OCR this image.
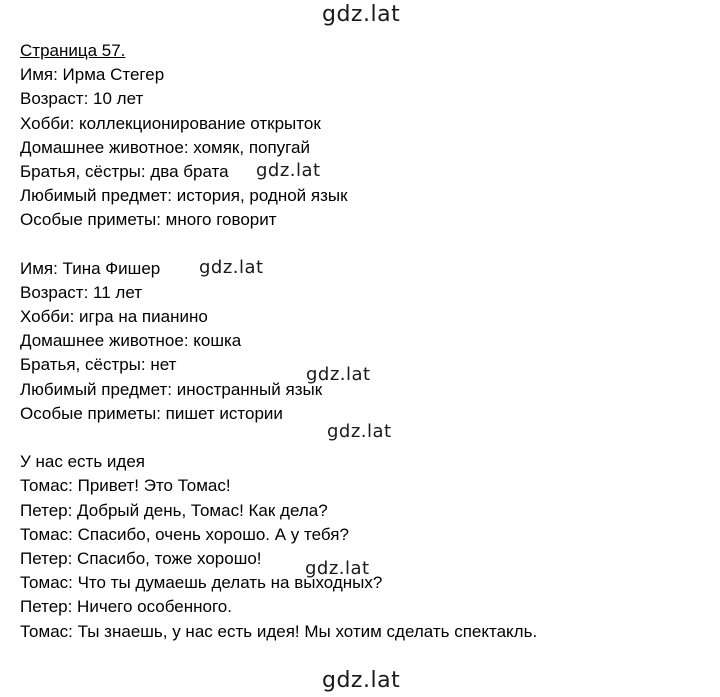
gdz.lat
Страница 57.
Имя: Ирма Стегер
Возраст: 10 лет
Хобби: коллекционирование открыток
Домашнее животное: хомяк, попугай
Братья, сёстры: два брата
Любимый предмет: история, родной язык
Особые приметы: много говорит
Имя: Тина Фишер
Возраст: 11 лет
Хобби: игра на пианино
Домашнее животное: кошка
Братья, сёстры: нет
Любимый предмет: иностранный язык
Особые приметы: пишет истории
У нас есть идея
Томас: Привет! Это Томас!
Петер: Добрый день, Томас! Как дела?
Томас: Спасибо, очень хорошо. А у тебя?
Петер: Спасибо, тоже хорошо!
Томас: Что ты думаешь делать на выходных?
Петер: Ничего особенного.
Томас: Ты знаешь, у нас есть идея! Мы хотим сделать спектакль.
gdz.lat
gdz.lat
gdz.lat
gdz.lat
gdz.lat
gdz.lat
